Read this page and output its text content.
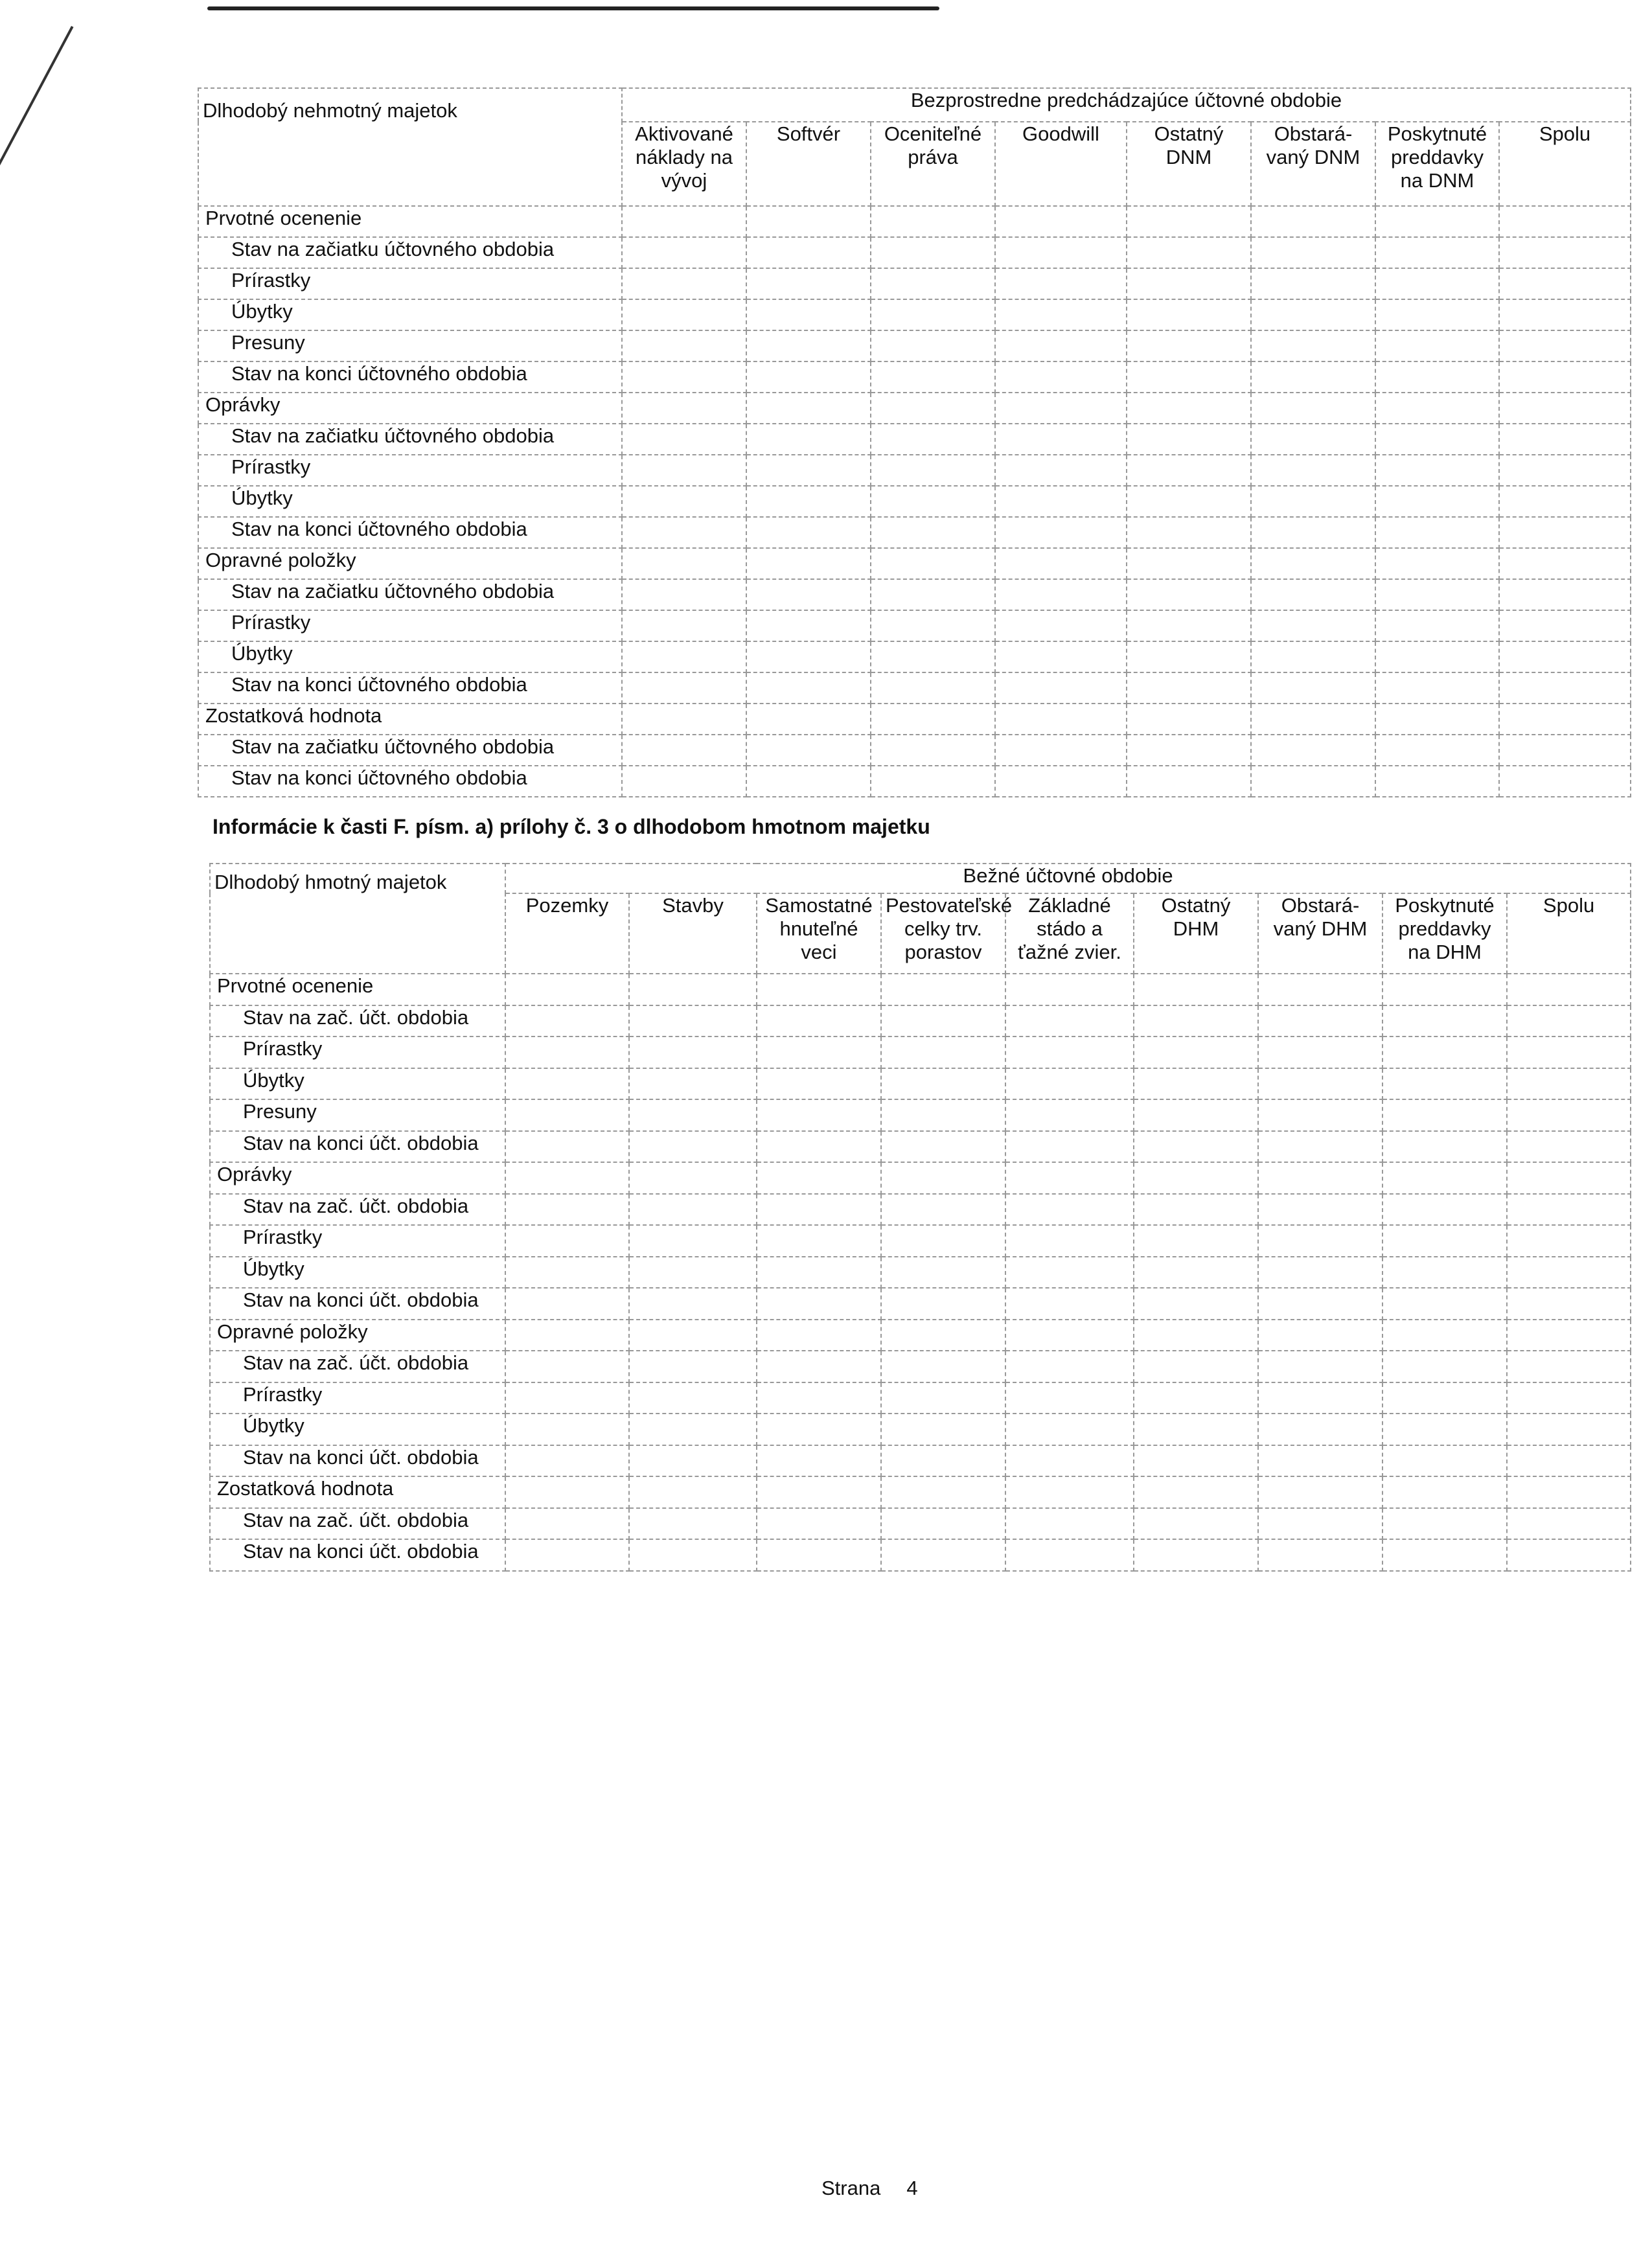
Dlhodobý nehmotný majetok	Bezprostredne predchádzajúce účtovné obdobie							
	Aktivované náklady na vývoj	Softvér	Oceniteľné práva	Goodwill	Ostatný DNM	Obstará- vaný DNM	Poskytnuté preddavky na DNM	Spolu
Prvotné ocenenie								
Stav na začiatku účtovného obdobia								
Prírastky								
Úbytky								
Presuny								
Stav na konci účtovného obdobia								
Oprávky								
Stav na začiatku účtovného obdobia								
Prírastky								
Úbytky								
Stav na konci účtovného obdobia								
Opravné položky								
Stav na začiatku účtovného obdobia								
Prírastky								
Úbytky								
Stav na konci účtovného obdobia								
Zostatková hodnota								
Stav na začiatku účtovného obdobia								
Stav na konci účtovného obdobia								
Informácie k časti F. písm. a) prílohy č. 3 o dlhodobom hmotnom majetku
Dlhodobý hmotný majetok	Bežné účtovné obdobie								
	Pozemky	Stavby	Samostatné hnuteľné veci	Pestovateľské celky trv. porastov	Základné stádo a ťažné zvier.	Ostatný DHM	Obstará- vaný DHM	Poskytnuté preddavky na DHM	Spolu
Prvotné ocenenie									
Stav na zač. účt. obdobia									
Prírastky									
Úbytky									
Presuny									
Stav na konci účt. obdobia									
Oprávky									
Stav na zač. účt. obdobia									
Prírastky									
Úbytky									
Stav na konci účt. obdobia									
Opravné položky									
Stav na zač. účt. obdobia									
Prírastky									
Úbytky									
Stav na konci účt. obdobia									
Zostatková hodnota									
Stav na zač. účt. obdobia									
Stav na konci účt. obdobia									
Strana 4
